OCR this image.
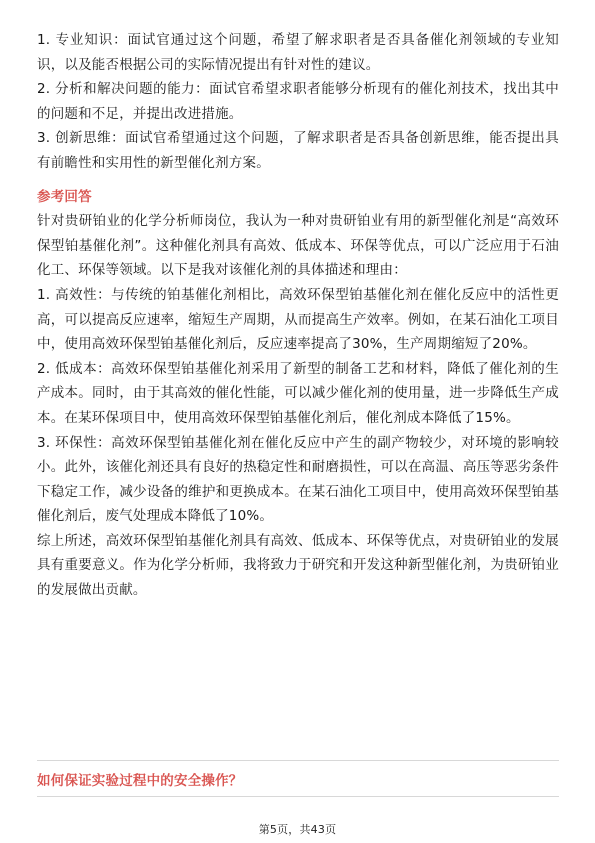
1. 专业知识：面试官通过这个问题，希望了解求职者是否具备催化剂领域的专业知识，以及能否根据公司的实际情况提出有针对性的建议。

2. 分析和解决问题的能力：面试官希望求职者能够分析现有的催化剂技术，找出其中的问题和不足，并提出改进措施。

3. 创新思维：面试官希望通过这个问题，了解求职者是否具备创新思维，能否提出具有前瞻性和实用性的新型催化剂方案。

参考回答

针对贵研铂业的化学分析师岗位，我认为一种对贵研铂业有用的新型催化剂是“高效环保型铂基催化剂”。这种催化剂具有高效、低成本、环保等优点，可以广泛应用于石油化工、环保等领域。以下是我对该催化剂的具体描述和理由：

1. 高效性：与传统的铂基催化剂相比，高效环保型铂基催化剂在催化反应中的活性更高，可以提高反应速率，缩短生产周期，从而提高生产效率。例如，在某石油化工项目中，使用高效环保型铂基催化剂后，反应速率提高了30%，生产周期缩短了20%。

2. 低成本：高效环保型铂基催化剂采用了新型的制备工艺和材料，降低了催化剂的生产成本。同时，由于其高效的催化性能，可以减少催化剂的使用量，进一步降低生产成本。在某环保项目中，使用高效环保型铂基催化剂后，催化剂成本降低了15%。

3. 环保性：高效环保型铂基催化剂在催化反应中产生的副产物较少，对环境的影响较小。此外，该催化剂还具有良好的热稳定性和耐磨损性，可以在高温、高压等恶劣条件下稳定工作，减少设备的维护和更换成本。在某石油化工项目中，使用高效环保型铂基催化剂后，废气处理成本降低了10%。

综上所述，高效环保型铂基催化剂具有高效、低成本、环保等优点，对贵研铂业的发展具有重要意义。作为化学分析师，我将致力于研究和开发这种新型催化剂，为贵研铂业的发展做出贡献。

如何保证实验过程中的安全操作？

第5页，共43页
